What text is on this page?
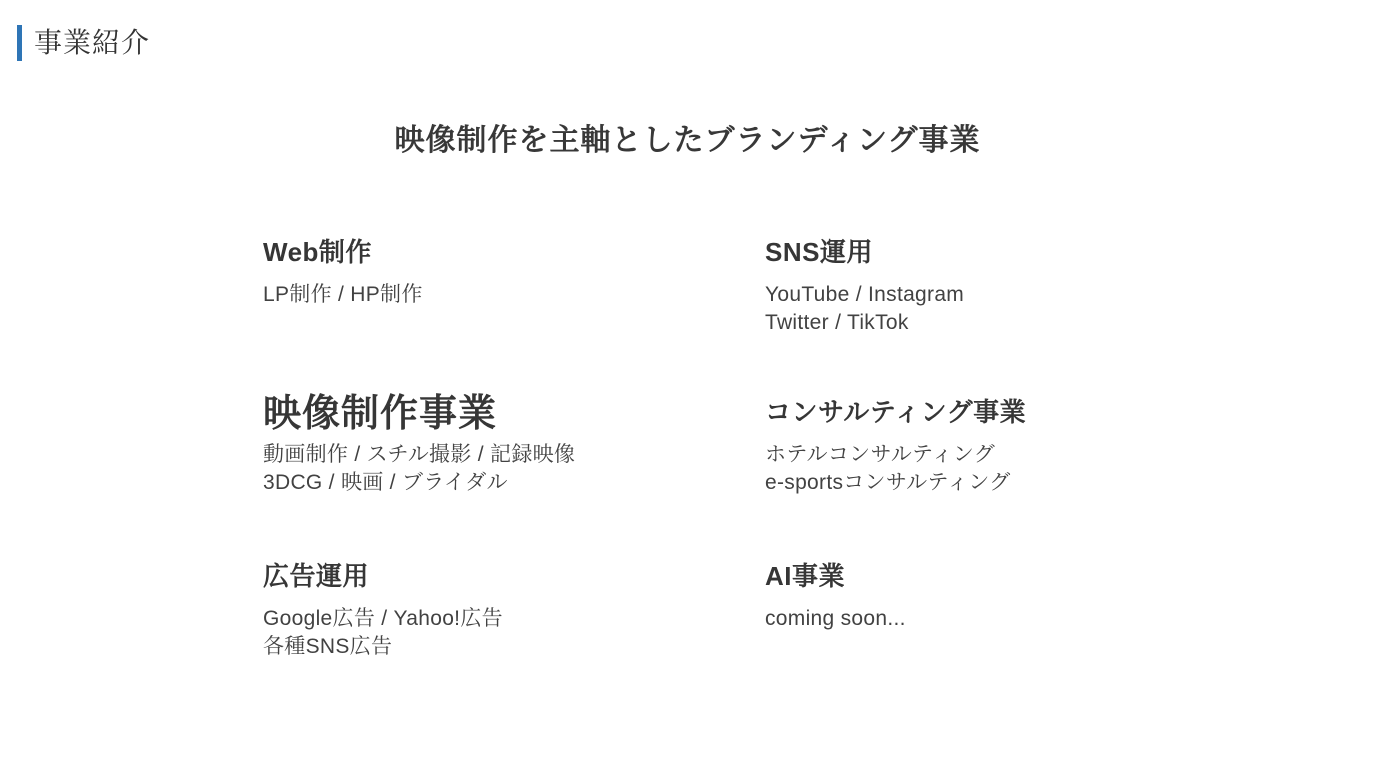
事業紹介
映像制作を主軸としたブランディング事業
Web制作
LP制作 / HP制作
SNS運用
YouTube / Instagram
Twitter / TikTok
映像制作事業
動画制作 / スチル撮影 / 記録映像
3DCG / 映画 / ブライダル
コンサルティング事業
ホテルコンサルティング
e-sportsコンサルティング
広告運用
Google広告 / Yahoo!広告
各種SNS広告
AI事業
coming soon...
